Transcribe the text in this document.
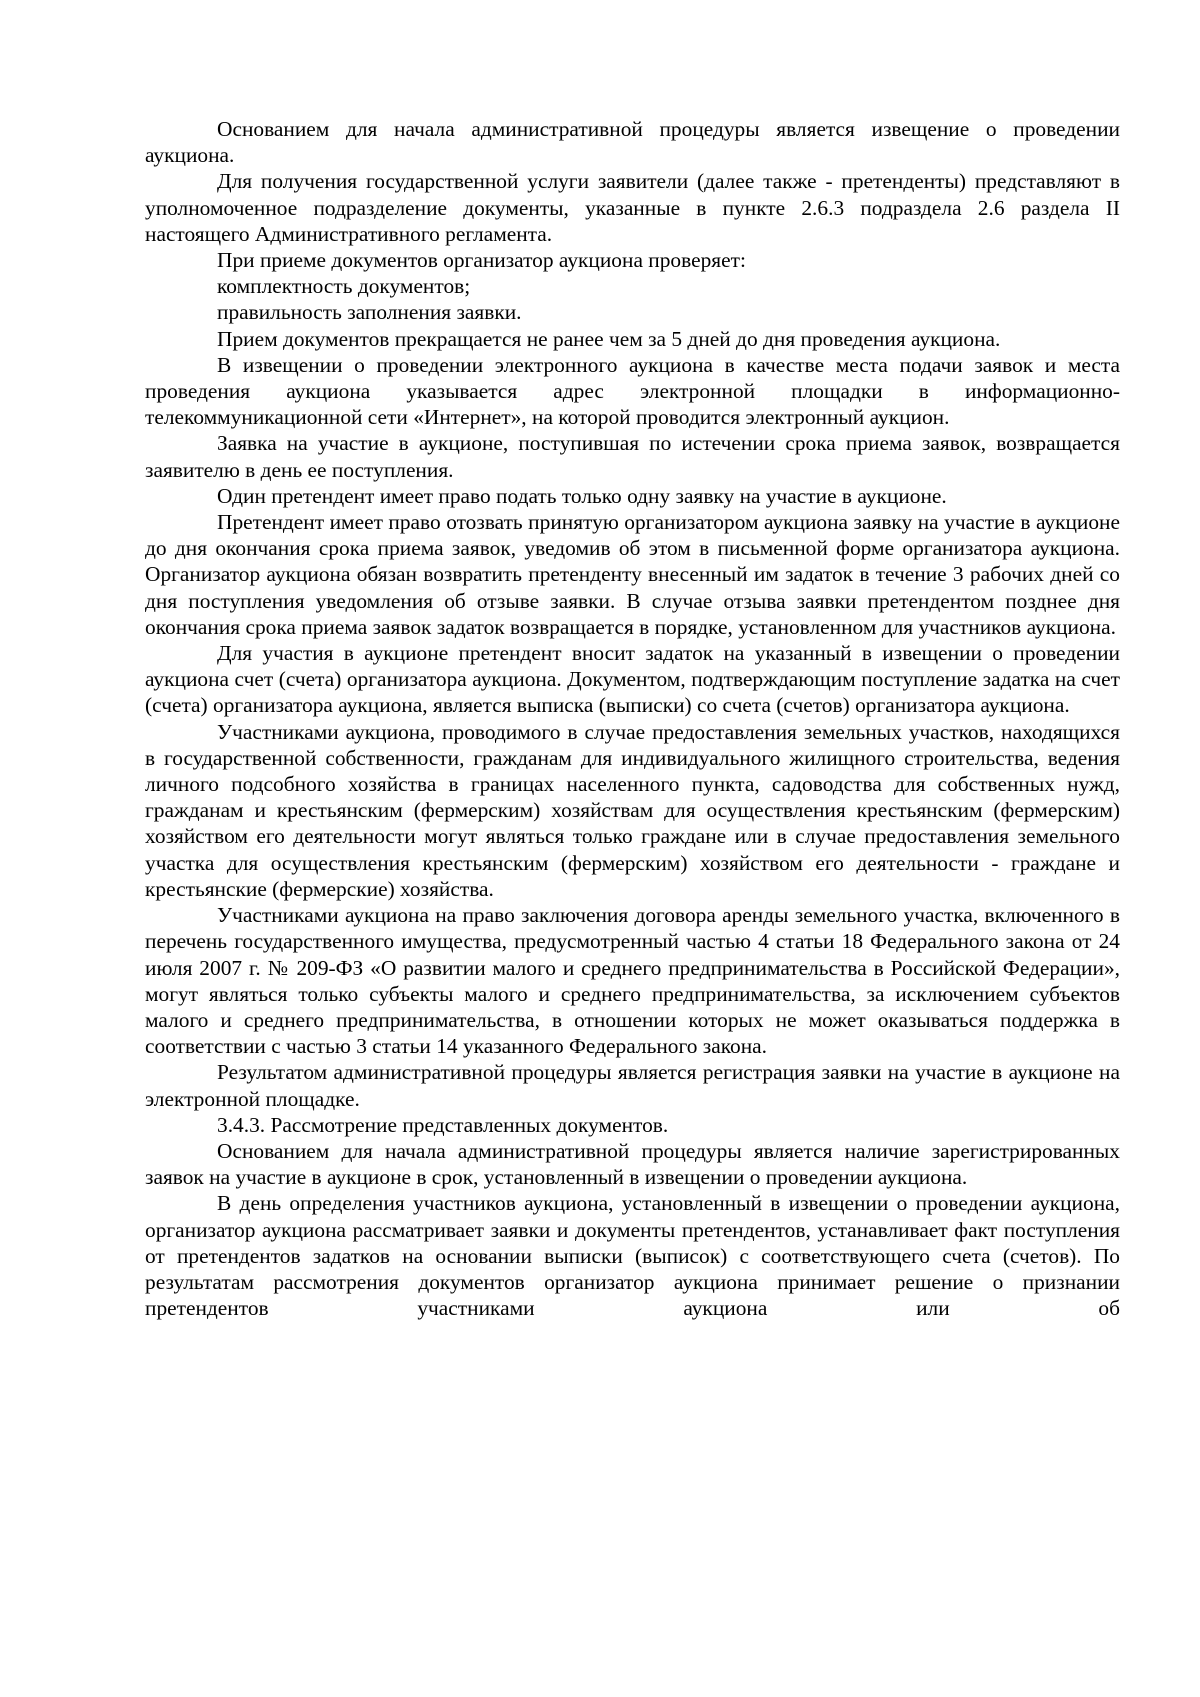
Основанием для начала административной процедуры является извещение о проведении аукциона.

Для получения государственной услуги заявители (далее также - претенденты) представляют в уполномоченное подразделение документы, указанные в пункте 2.6.3 подраздела 2.6 раздела II настоящего Административного регламента.

При приеме документов организатор аукциона проверяет:

комплектность документов;

правильность заполнения заявки.

Прием документов прекращается не ранее чем за 5 дней до дня проведения аукциона.

В извещении о проведении электронного аукциона в качестве места подачи заявок и места проведения аукциона указывается адрес электронной площадки в информационно-телекоммуникационной сети «Интернет», на которой проводится электронный аукцион.

Заявка на участие в аукционе, поступившая по истечении срока приема заявок, возвращается заявителю в день ее поступления.

Один претендент имеет право подать только одну заявку на участие в аукционе.

Претендент имеет право отозвать принятую организатором аукциона заявку на участие в аукционе до дня окончания срока приема заявок, уведомив об этом в письменной форме организатора аукциона. Организатор аукциона обязан возвратить претенденту внесенный им задаток в течение 3 рабочих дней со дня поступления уведомления об отзыве заявки. В случае отзыва заявки претендентом позднее дня окончания срока приема заявок задаток возвращается в порядке, установленном для участников аукциона.

Для участия в аукционе претендент вносит задаток на указанный в извещении о проведении аукциона счет (счета) организатора аукциона. Документом, подтверждающим поступление задатка на счет (счета) организатора аукциона, является выписка (выписки) со счета (счетов) организатора аукциона.

Участниками аукциона, проводимого в случае предоставления земельных участков, находящихся в государственной собственности, гражданам для индивидуального жилищного строительства, ведения личного подсобного хозяйства в границах населенного пункта, садоводства для собственных нужд, гражданам и крестьянским (фермерским) хозяйствам для осуществления крестьянским (фермерским) хозяйством его деятельности могут являться только граждане или в случае предоставления земельного участка для осуществления крестьянским (фермерским) хозяйством его деятельности - граждане и крестьянские (фермерские) хозяйства.

Участниками аукциона на право заключения договора аренды земельного участка, включенного в перечень государственного имущества, предусмотренный частью 4 статьи 18 Федерального закона от 24 июля 2007 г. № 209-ФЗ «О развитии малого и среднего предпринимательства в Российской Федерации», могут являться только субъекты малого и среднего предпринимательства, за исключением субъектов малого и среднего предпринимательства, в отношении которых не может оказываться поддержка в соответствии с частью 3 статьи 14 указанного Федерального закона.

Результатом административной процедуры является регистрация заявки на участие в аукционе на электронной площадке.

3.4.3. Рассмотрение представленных документов.

Основанием для начала административной процедуры является наличие зарегистрированных заявок на участие в аукционе в срок, установленный в извещении о проведении аукциона.

В день определения участников аукциона, установленный в извещении о проведении аукциона, организатор аукциона рассматривает заявки и документы претендентов, устанавливает факт поступления от претендентов задатков на основании выписки (выписок) с соответствующего счета (счетов). По результатам рассмотрения документов организатор аукциона принимает решение о признании претендентов участниками аукциона или об
